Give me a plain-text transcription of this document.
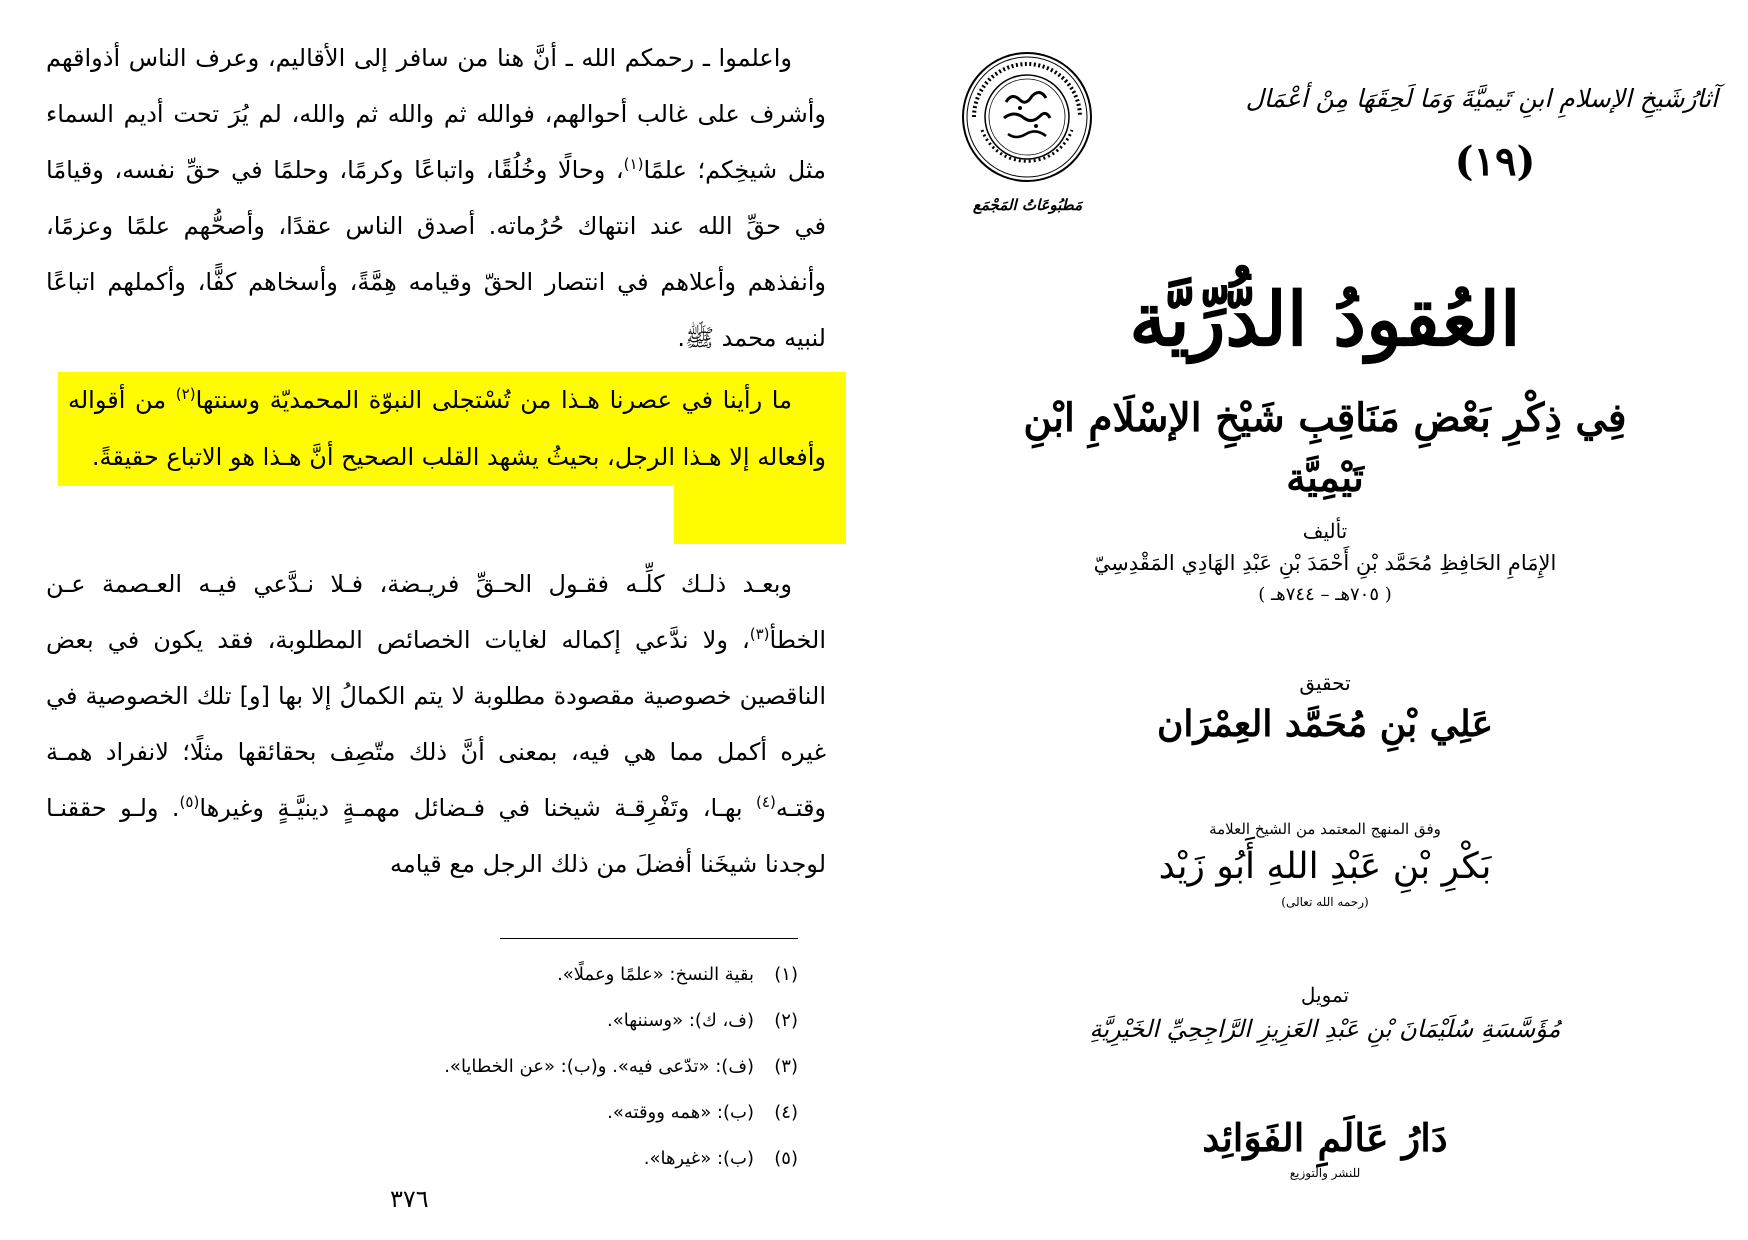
واعلموا ـ رحمكم الله ـ أنَّ هنا من سافر إلى الأقاليم، وعرف الناس أذواقهم وأشرف على غالب أحوالهم، فوالله ثم والله ثم والله، لم يُرَ تحت أديم السماء مثل شيخِكم؛ علمًا$^{(١)}$، وحالًا وخُلُقًا، واتباعًا وكرمًا، وحلمًا في حقِّ نفسه، وقيامًا في حقِّ الله عند انتهاك حُرُماته. أصدق الناس عقدًا، وأصحُّهم علمًا وعزمًا، وأنفذهم وأعلاهم في انتصار الحقّ وقيامه هِمَّةً، وأسخاهم كفًّا، وأكملهم اتباعًا لنبيه محمد ﷺ.

ما رأينا في عصرنا هـذا من تُسْتجلى النبوّة المحمديّة وسنتها$^{(٢)}$ من أقواله وأفعاله إلا هـذا الرجل، بحيثُ يشهد القلب الصحيح أنَّ هـذا هو الاتباع حقيقةً.

وبعـد ذلـك كلِّـه فقـول الحـقِّ فريـضة، فـلا نـدَّعي فيـه العـصمة عـن الخطأ$^{(٣)}$، ولا ندَّعي إكماله لغايات الخصائص المطلوبة، فقد يكون في بعض الناقصين خصوصية مقصودة مطلوبة لا يتم الكمالُ إلا بها [و] تلك الخصوصية في غيره أكمل مما هي فيه، بمعنى أنَّ ذلك متّصِف بحقائقها مثلًا؛ لانفراد همـة وقتـه$^{(٤)}$ بهـا، وتَفْرِقـة شيخنا في فـضائل مهمـةٍ دينيَّـةٍ وغيرها$^{(٥)}$. ولـو حققنـا لوجدنا شيخَنا أفضلَ من ذلك الرجل مع قيامه

(١)
بقية النسخ: «علمًا وعملًا».
(٢)
(ف، ك): «وسننها».
(٣)
(ف): «تدّعى فيه». و(ب): «عن الخطايا».
(٤)
(ب): «همه ووقته».
(٥)
(ب): «غيرها».
٣٧٦
مَطبُوعَاتُ المَجْمَع
آثارُشَيخِ الإسلامِ ابنِ تَيميَّةَ وَمَا لَحِقَهَا مِنْ أعْمَال
(١٩)
العُقودُ الدُّرِّيَّة
فِي ذِكْرِ بَعْضِ مَنَاقِبِ شَيْخِ الإسْلَامِ ابْنِ تَيْمِيَّة
تأليف
الإِمَامِ الحَافِظِ مُحَمَّد بْنِ أَحْمَدَ بْنِ عَبْدِ الهَادِي المَقْدِسِيّ
( ٧٠٥هـ – ٧٤٤هـ )
تحقيق
عَلِي بْنِ مُحَمَّد العِمْرَان
وفق المنهج المعتمد من الشيخ العلامة
بَكْرِ بْنِ عَبْدِ اللهِ أَبُو زَيْد
(رحمه الله تعالى)
تمويل
مُؤَسَّسَةِ سُلَيْمَانَ بْنِ عَبْدِ العَزِيزِ الرَّاجِحِيِّ الخَيْرِيَّةِ
دَارُ عَالَمِ الفَوَائِد
للنشر والتوزيع
